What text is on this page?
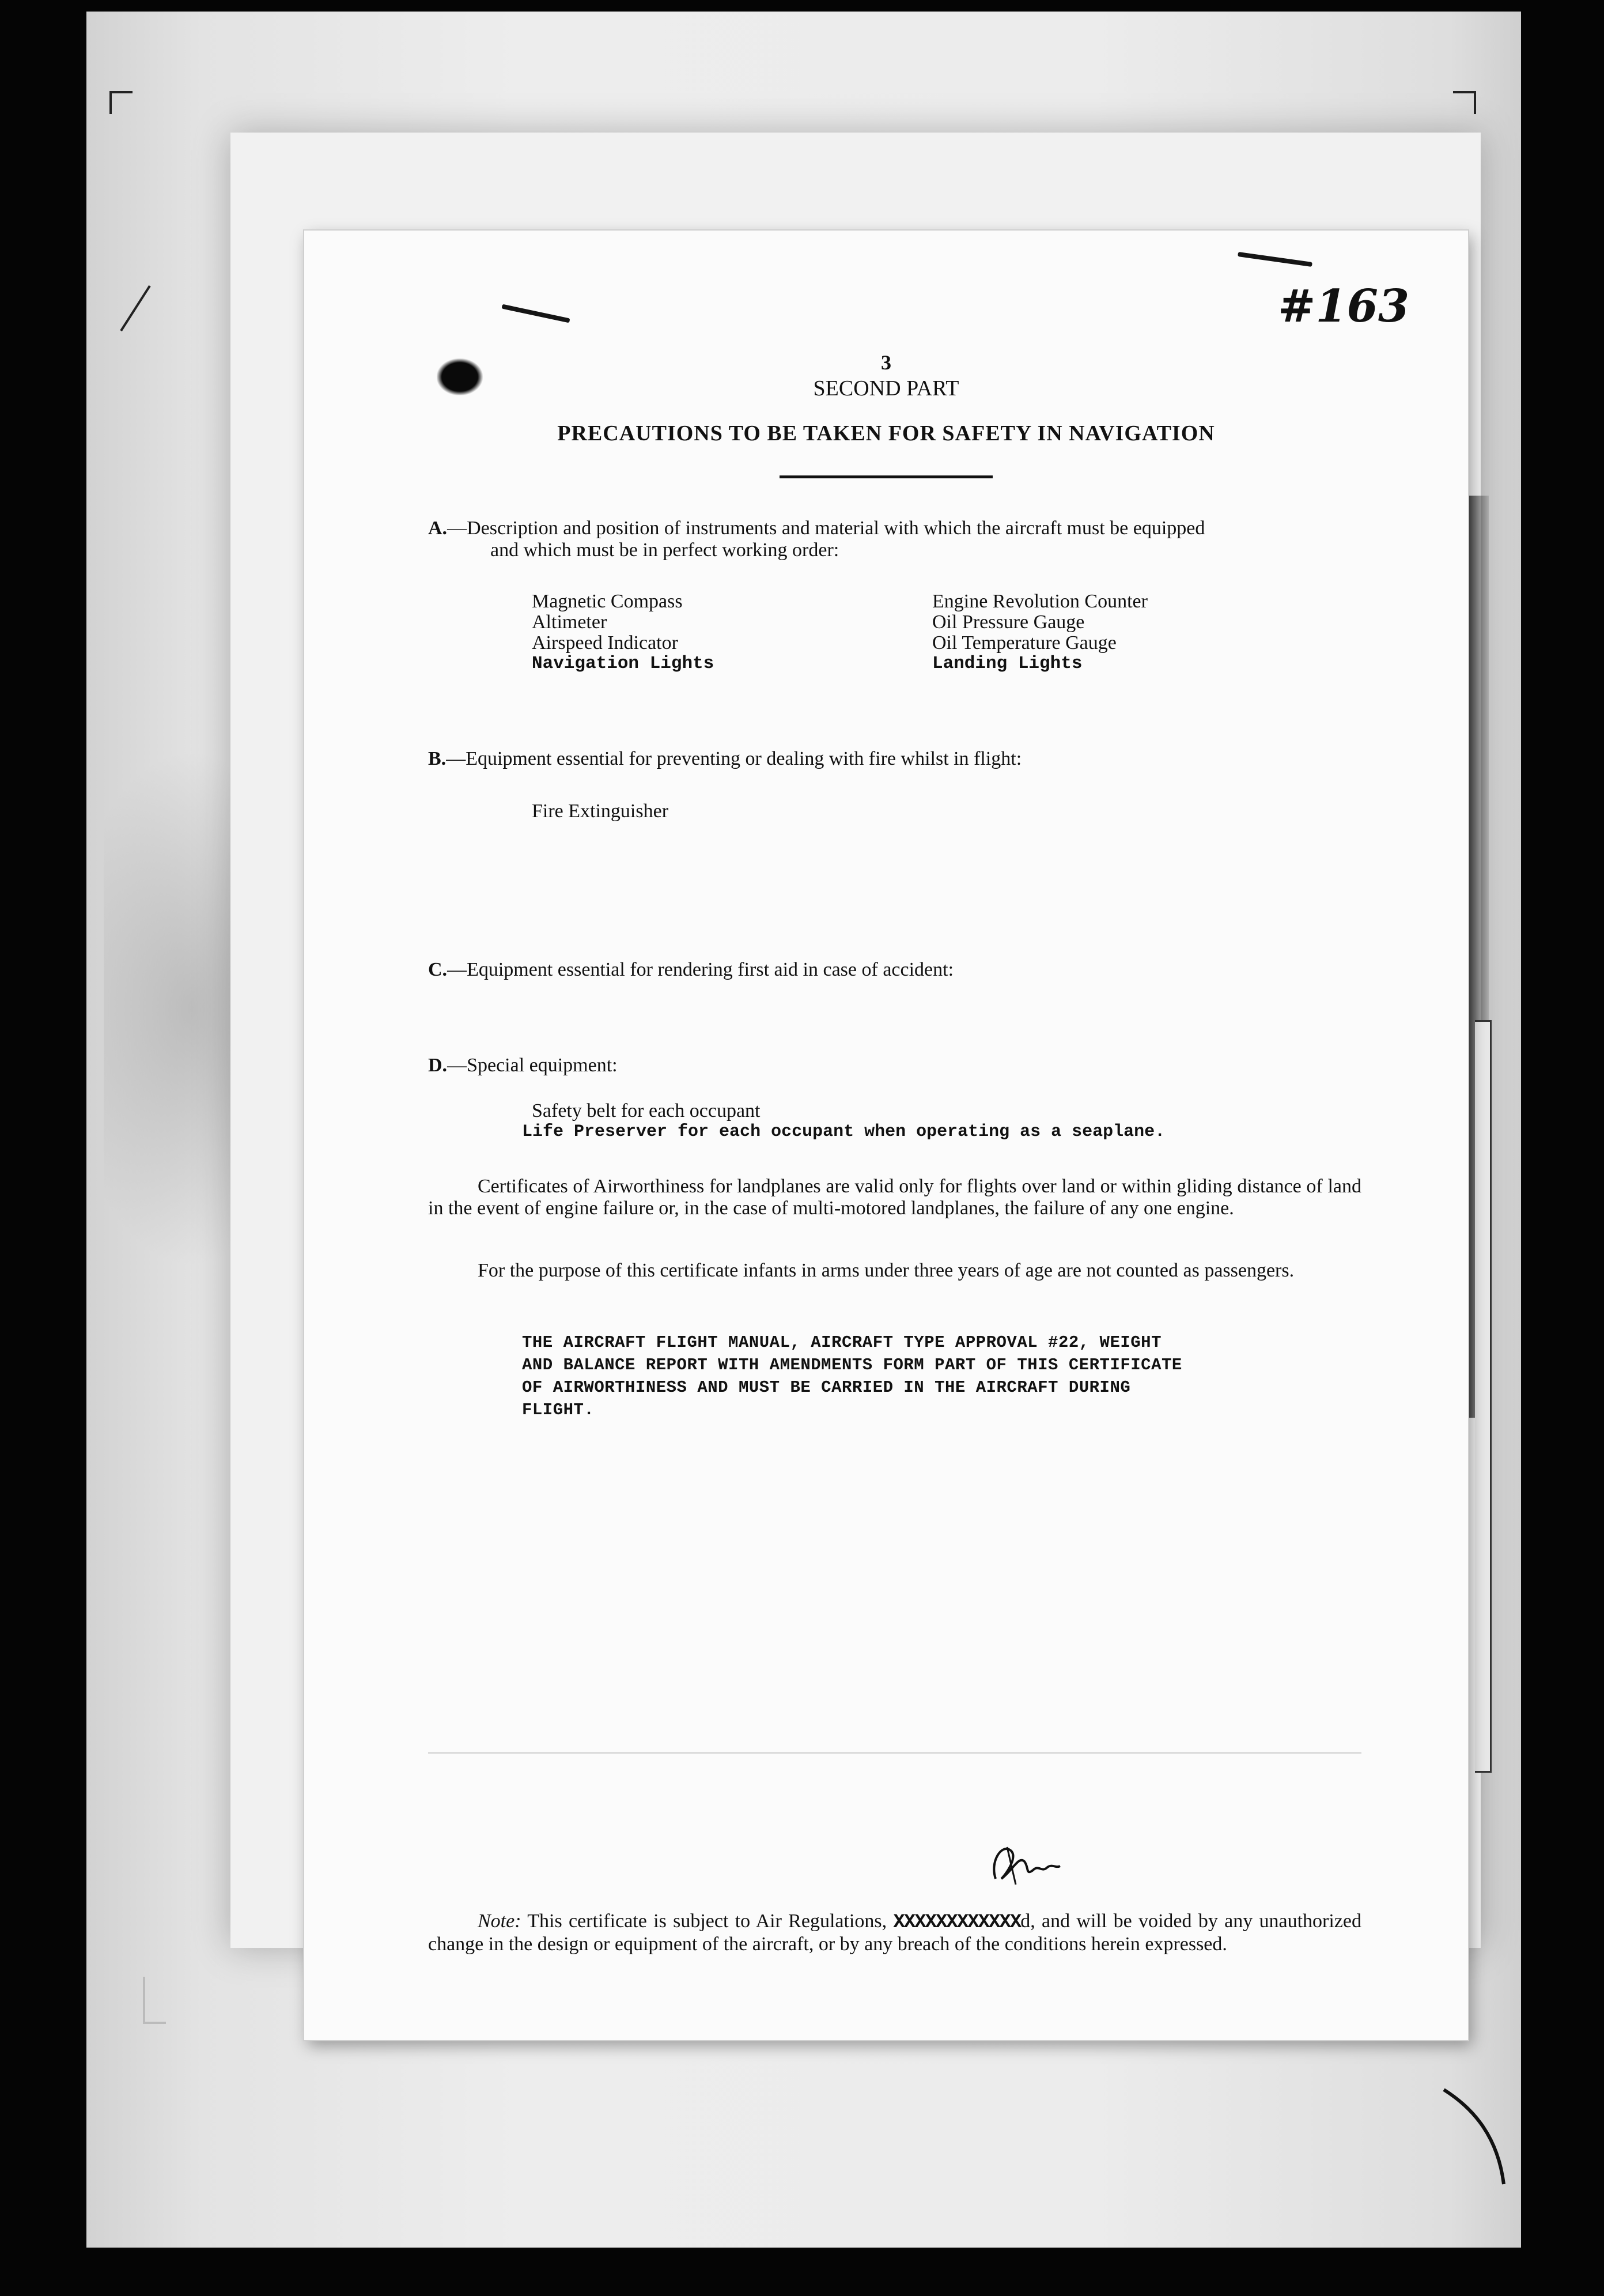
#163
3
SECOND PART
PRECAUTIONS TO BE TAKEN FOR SAFETY IN NAVIGATION
A.—Description and position of instruments and material with which the aircraft must be equipped
and which must be in perfect working order:
Magnetic Compass
Altimeter
Airspeed Indicator
Navigation Lights
Engine Revolution Counter
Oil Pressure Gauge
Oil Temperature Gauge
Landing Lights
B.—Equipment essential for preventing or dealing with fire whilst in flight:
Fire Extinguisher
C.—Equipment essential for rendering first aid in case of accident:
D.—Special equipment:
Safety belt for each occupant
Life Preserver for each occupant when operating as a seaplane.
Certificates of Airworthiness for landplanes are valid only for flights over land or within gliding distance of land in the event of engine failure or, in the case of multi-motored landplanes, the failure of any one engine.
For the purpose of this certificate infants in arms under three years of age are not counted as passengers.
THE AIRCRAFT FLIGHT MANUAL, AIRCRAFT TYPE APPROVAL #22, WEIGHT
AND BALANCE REPORT WITH AMENDMENTS FORM PART OF THIS CERTIFICATE
OF AIRWORTHINESS AND MUST BE CARRIED IN THE AIRCRAFT DURING
FLIGHT.
Note: This certificate is subject to Air Regulations, XXXXXXXXXXXXd, and will be voided by any unauthorized change in the design or equipment of the aircraft, or by any breach of the conditions herein expressed.
